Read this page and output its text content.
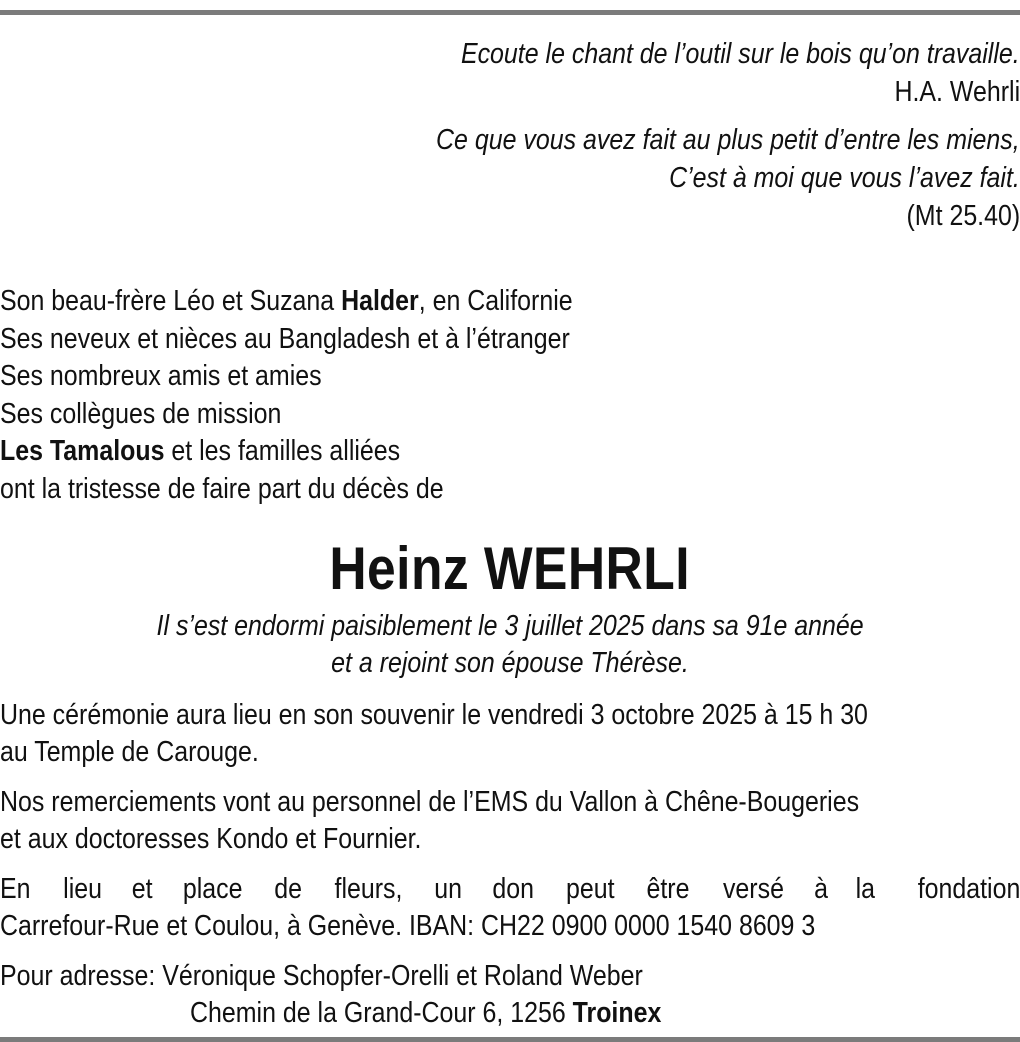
Ecoute le chant de l’outil sur le bois qu’on travaille.
H.A. Wehrli
Ce que vous avez fait au plus petit d’entre les miens,
C’est à moi que vous l’avez fait.
(Mt 25.40)
Son beau-frère Léo et Suzana Halder, en Californie
Ses neveux et nièces au Bangladesh et à l’étranger
Ses nombreux amis et amies
Ses collègues de mission
Les Tamalous et les familles alliées
ont la tristesse de faire part du décès de
Heinz WEHRLI
Il s’est endormi paisiblement le 3 juillet 2025 dans sa 91e année
et a rejoint son épouse Thérèse.
Une cérémonie aura lieu en son souvenir le vendredi 3 octobre 2025 à 15 h 30
au Temple de Carouge.
Nos remerciements vont au personnel de l’EMS du Vallon à Chêne-Bougeries
et aux doctoresses Kondo et Fournier.
En lieu et place de fleurs, un don peut être versé à la fondation
Carrefour-Rue et Coulou, à Genève. IBAN: CH22 0900 0000 1540 8609 3
Pour adresse: Véronique Schopfer-Orelli et Roland Weber
Chemin de la Grand-Cour 6, 1256 Troinex
